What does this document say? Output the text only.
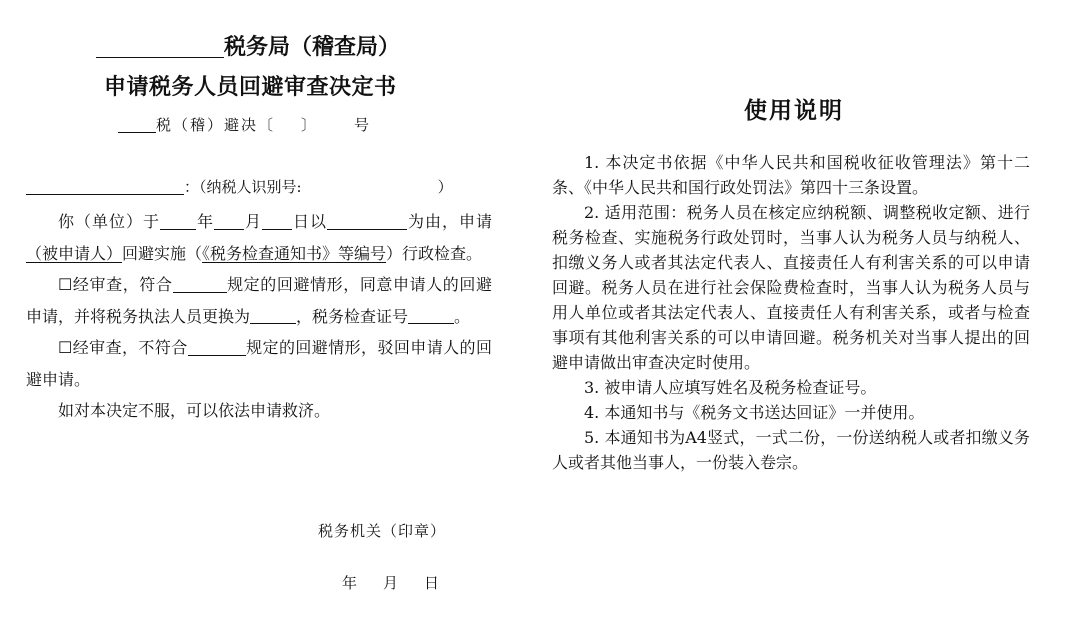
税务局（稽查局）
申请税务人员回避审查决定书
税（稽）避决〔 〕 号
：（纳税人识别号:	）

你（单位）于 年 月 日以	为由，申请（被申请人）回避实施（《税务检查通知书》等编号）行政检查。

☐经审查，符合	规定的回避情形，同意申请人的回避申请，并将税务执法人员更换为	，税务检查证号	。

☐经审查，不符合	规定的回避情形，驳回申请人的回避申请。

如对本决定不服，可以依法申请救济。

税务机关（印章）
年 月 日
使用说明

1. 本决定书依据《中华人民共和国税收征收管理法》第十二条、《中华人民共和国行政处罚法》第四十三条设置。

2. 适用范围：税务人员在核定应纳税额、调整税收定额、进行税务检查、实施税务行政处罚时，当事人认为税务人员与纳税人、扣缴义务人或者其法定代表人、直接责任人有利害关系的可以申请回避。税务人员在进行社会保险费检查时，当事人认为税务人员与用人单位或者其法定代表人、直接责任人有利害关系，或者与检查事项有其他利害关系的可以申请回避。税务机关对当事人提出的回避申请做出审查决定时使用。

3. 被申请人应填写姓名及税务检查证号。

4. 本通知书与《税务文书送达回证》一并使用。

5. 本通知书为A4竖式，一式二份，一份送纳税人或者扣缴义务人或者其他当事人，一份装入卷宗。
